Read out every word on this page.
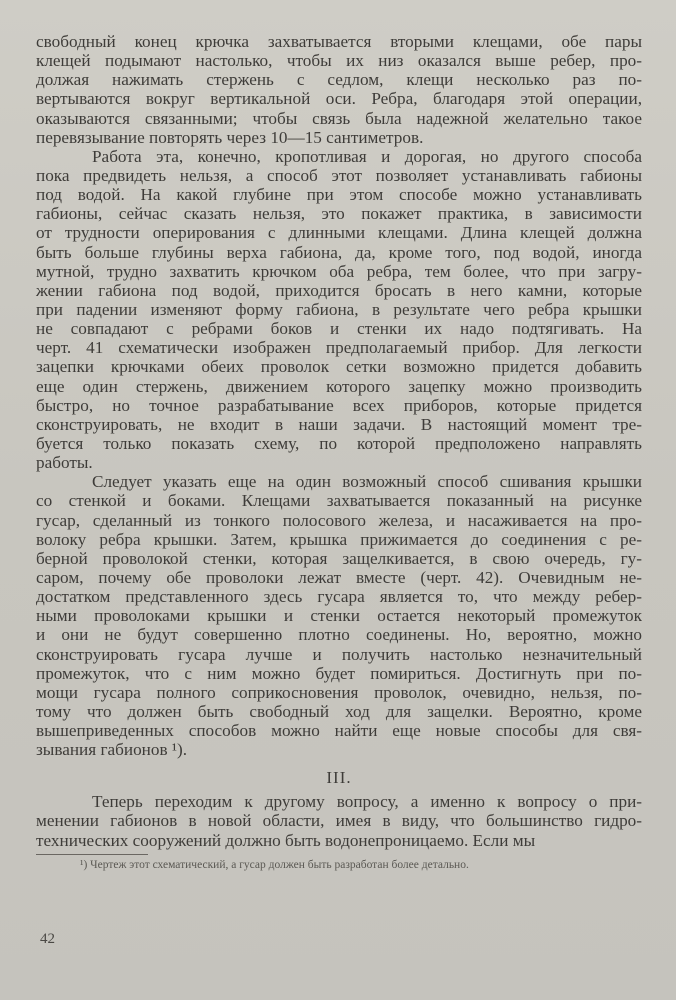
свободный конец крючка захватывается вторыми клещами, обе пары
клещей подымают настолько, чтобы их низ оказался выше ребер, про-
должая нажимать стержень с седлом, клещи несколько раз по-
вертываются вокруг вертикальной оси. Ребра, благодаря этой операции,
оказываются связанными; чтобы связь была надежной желательно такое
перевязывание повторять через 10—15 сантиметров.
Работа эта, конечно, кропотливая и дорогая, но другого способа
пока предвидеть нельзя, а способ этот позволяет устанавливать габионы
под водой. На какой глубине при этом способе можно устанавливать
габионы, сейчас сказать нельзя, это покажет практика, в зависимости
от трудности оперирования с длинными клещами. Длина клещей должна
быть больше глубины верха габиона, да, кроме того, под водой, иногда
мутной, трудно захватить крючком оба ребра, тем более, что при загру-
жении габиона под водой, приходится бросать в него камни, которые
при падении изменяют форму габиона, в результате чего ребра крышки
не совпадают с ребрами боков и стенки их надо подтягивать. На
черт. 41 схематически изображен предполагаемый прибор. Для легкости
зацепки крючками обеих проволок сетки возможно придется добавить
еще один стержень, движением которого зацепку можно производить
быстро, но точное разрабатывание всех приборов, которые придется
сконструировать, не входит в наши задачи. В настоящий момент тре-
буется только показать схему, по которой предположено направлять
работы.
Следует указать еще на один возможный способ сшивания крышки
со стенкой и боками. Клещами захватывается показанный на рисунке
гусар, сделанный из тонкого полосового железа, и насаживается на про-
волоку ребра крышки. Затем, крышка прижимается до соединения с ре-
берной проволокой стенки, которая защелкивается, в свою очередь, гу-
саром, почему обе проволоки лежат вместе (черт. 42). Очевидным не-
достатком представленного здесь гусара является то, что между ребер-
ными проволоками крышки и стенки остается некоторый промежуток
и они не будут совершенно плотно соединены. Но, вероятно, можно
сконструировать гусара лучше и получить настолько незначительный
промежуток, что с ним можно будет помириться. Достигнуть при по-
мощи гусара полного соприкосновения проволок, очевидно, нельзя, по-
тому что должен быть свободный ход для защелки. Вероятно, кроме
вышеприведенных способов можно найти еще новые способы для свя-
зывания габионов ¹).
III.
Теперь переходим к другому вопросу, а именно к вопросу о при-
менении габионов в новой области, имея в виду, что большинство гидро-
технических сооружений должно быть водонепроницаемо. Если мы
¹) Чертеж этот схематический, а гусар должен быть разработан более детально.
42
